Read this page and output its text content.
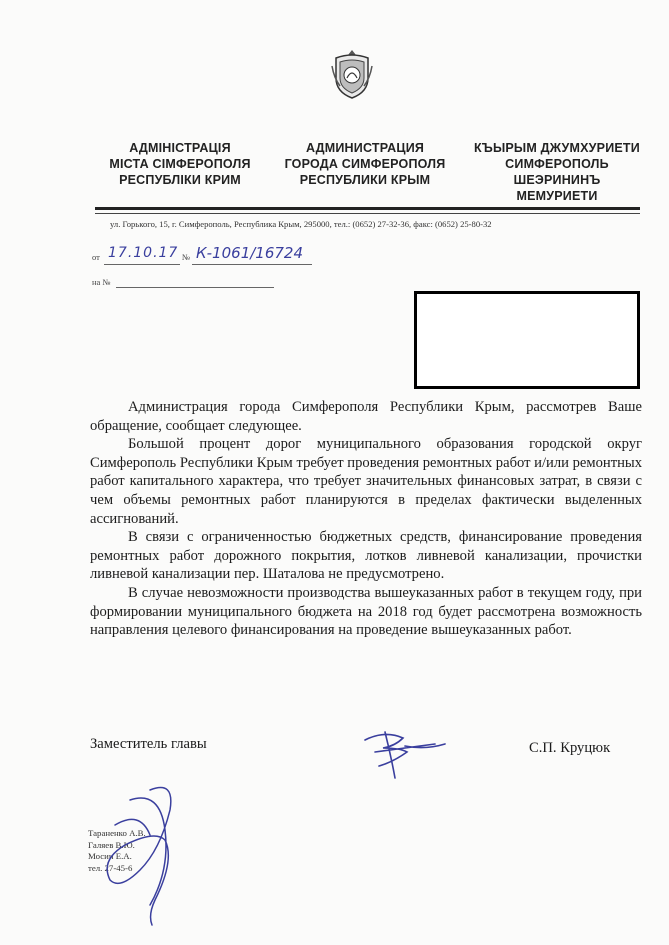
АДМІНІСТРАЦІЯ
МІСТА СІМФЕРОПОЛЯ
РЕСПУБЛІКИ КРИМ
АДМИНИСТРАЦИЯ
ГОРОДА СИМФЕРОПОЛЯ
РЕСПУБЛИКИ КРЫМ
КЪЫРЫМ ДЖУМХУРИЕТИ
СИМФЕРОПОЛЬ
ШЕЭРИНИНЪ
МЕМУРИЕТИ
ул. Горького, 15, г. Симферополь, Республика Крым, 295000, тел.: (0652) 27-32-36, факс: (0652) 25-80-32
от 17.10.17 № К-1061/16724
на №

Администрация города Симферополя Республики Крым, рассмотрев Ваше обращение, сообщает следующее.

Большой процент дорог муниципального образования городской округ Симферополь Республики Крым требует проведения ремонтных работ и/или ремонтных работ капитального характера, что требует значительных финансовых затрат, в связи с чем объемы ремонтных работ планируются в пределах фактически выделенных ассигнований.

В связи с ограниченностью бюджетных средств, финансирование проведения ремонтных работ дорожного покрытия, лотков ливневой канализации, прочистки ливневой канализации пер. Шаталова не предусмотрено.

В случае невозможности производства вышеуказанных работ в текущем году, при формировании муниципального бюджета на 2018 год будет рассмотрена возможность направления целевого финансирования на проведение вышеуказанных работ.

Заместитель главы	С.П. Круцюк
Тараненко А.В.
Галяев В.Ю.
Мосин Е.А.
тел. 27-45-6
